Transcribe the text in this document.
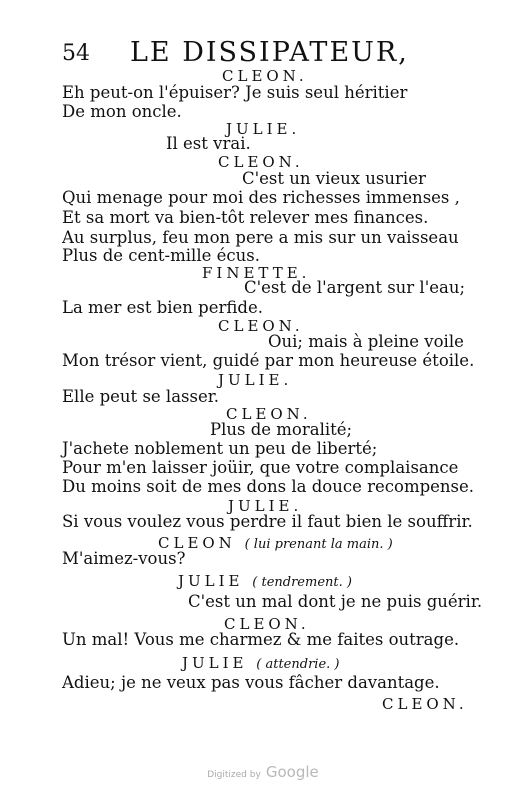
54 LE DISSIPATEUR,
CLEON.
Eh peut-on l'épuiser? Je suis seul héritier
De mon oncle.
JULIE.
Il est vrai.
CLEON.
C'est un vieux usurier
Qui menage pour moi des richesses immenses ,
Et sa mort va bien-tôt relever mes finances.
Au surplus, feu mon pere a mis sur un vaisseau
Plus de cent-mille écus.
FINETTE.
C'est de l'argent sur l'eau;
La mer est bien perfide.
CLEON.
Oui; mais à pleine voile
Mon trésor vient, guidé par mon heureuse étoile.
JULIE.
Elle peut se lasser.
CLEON.
Plus de moralité;
J'achete noblement un peu de liberté;
Pour m'en laisser joüir, que votre complaisance
Du moins soit de mes dons la douce recompense.
JULIE.
Si vous voulez vous perdre il faut bien le souffrir.
CLEON ( lui prenant la main. )
M'aimez-vous?
JULIE ( tendrement. )
C'est un mal dont je ne puis guérir.
CLEON.
Un mal! Vous me charmez & me faites outrage.
JULIE ( attendrie. )
Adieu; je ne veux pas vous fâcher davantage.
CLEON.
Digitized by Google
